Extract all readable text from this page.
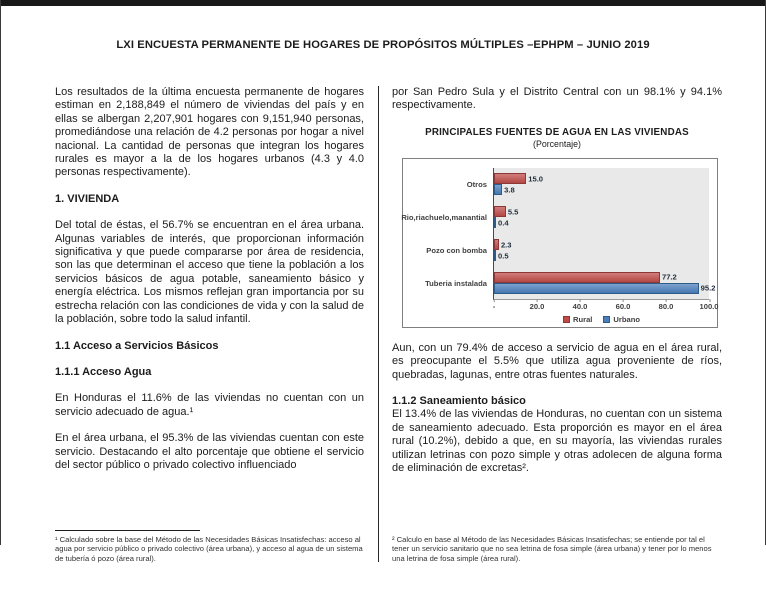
LXI ENCUESTA PERMANENTE DE HOGARES DE PROPÓSITOS MÚLTIPLES –EPHPM – JUNIO 2019

Los resultados de la última encuesta permanente de hogares estiman en 2,188,849 el número de viviendas del país y en ellas se albergan 2,207,901 hogares con 9,151,940 personas, promediándose una relación de 4.2 personas por hogar a nivel nacional. La cantidad de personas que integran los hogares rurales es mayor a la de los hogares urbanos (4.3 y 4.0 personas respectivamente).

1. VIVIENDA

Del total de éstas, el 56.7% se encuentran en el área urbana. Algunas variables de interés, que proporcionan información significativa y que puede compararse por área de residencia, son las que determinan el acceso que tiene la población a los servicios básicos de agua potable, saneamiento básico y energía eléctrica. Los mismos reflejan gran importancia por su estrecha relación con las condiciones de vida y con la salud de la población, sobre todo la salud infantil.

1.1 Acceso a Servicios Básicos

1.1.1 Acceso Agua

En Honduras el 11.6% de las viviendas no cuentan con un servicio adecuado de agua.¹

En el área urbana, el 95.3% de las viviendas cuentan con este servicio. Destacando el alto porcentaje que obtiene el servicio del sector público o privado colectivo influenciado

¹ Calculado sobre la base del Método de las Necesidades Básicas Insatisfechas: acceso al agua por servicio público o privado colectivo (área urbana), y acceso al agua de un sistema de tubería ó pozo (área rural).

por San Pedro Sula y el Distrito Central con un 98.1% y 94.1% respectivamente.

PRINCIPALES FUENTES DE AGUA EN LAS VIVIENDAS
(Porcentaje)
Otros
15.0
3.8
Rio,riachuelo,manantial
5.5
0.4
Pozo con bomba
2.3
0.5
Tuberia instalada
77.2
95.2
-	20.0	40.0	60.0	80.0	100.0
Rural	Urbano

Aun, con un 79.4% de acceso a servicio de agua en el área rural, es preocupante el 5.5% que utiliza agua proveniente de ríos, quebradas, lagunas, entre otras fuentes naturales.

1.1.2 Saneamiento básico

El 13.4% de las viviendas de Honduras, no cuentan con un sistema de saneamiento adecuado. Esta proporción es mayor en el área rural (10.2%), debido a que, en su mayoría, las viviendas rurales utilizan letrinas con pozo simple y otras adolecen de alguna forma de eliminación de excretas².

² Calculo en base al Método de las Necesidades Básicas Insatisfechas; se entiende por tal el tener un servicio sanitario que no sea letrina de fosa simple (área urbana) y tener por lo menos una letrina de fosa simple (área rural).
